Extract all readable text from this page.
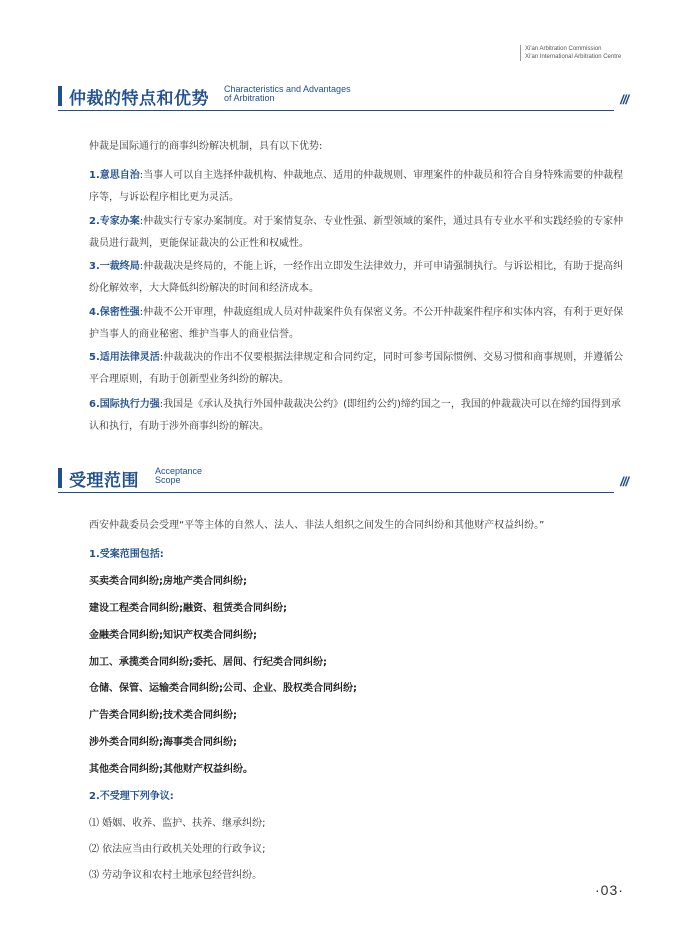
Xi'an Arbitration Commission
Xi'an International Arbitration Centre
仲裁的特点和优势 Characteristics and Advantages
of Arbitration	///
仲裁是国际通行的商事纠纷解决机制，具有以下优势:
1.意思自治:当事人可以自主选择仲裁机构、仲裁地点、适用的仲裁规则、审理案件的仲裁员和符合自身特殊需要的仲裁程序等，与诉讼程序相比更为灵活。
2.专家办案:仲裁实行专家办案制度。对于案情复杂、专业性强、新型领域的案件，通过具有专业水平和实践经验的专家仲裁员进行裁判，更能保证裁决的公正性和权威性。
3.一裁终局:仲裁裁决是终局的，不能上诉，一经作出立即发生法律效力，并可申请强制执行。与诉讼相比，有助于提高纠纷化解效率，大大降低纠纷解决的时间和经济成本。
4.保密性强:仲裁不公开审理，仲裁庭组成人员对仲裁案件负有保密义务。不公开仲裁案件程序和实体内容，有利于更好保护当事人的商业秘密、维护当事人的商业信誉。
5.适用法律灵活:仲裁裁决的作出不仅要根据法律规定和合同约定，同时可参考国际惯例、交易习惯和商事规则，并遵循公平合理原则，有助于创新型业务纠纷的解决。
6.国际执行力强:我国是《承认及执行外国仲裁裁决公约》(即纽约公约)缔约国之一，我国的仲裁裁决可以在缔约国得到承认和执行，有助于涉外商事纠纷的解决。
受理范围 Acceptance
Scope	///
西安仲裁委员会受理“平等主体的自然人、法人、非法人组织之间发生的合同纠纷和其他财产权益纠纷。”
1.受案范围包括:
买卖类合同纠纷;房地产类合同纠纷;
建设工程类合同纠纷;融资、租赁类合同纠纷;
金融类合同纠纷;知识产权类合同纠纷;
加工、承揽类合同纠纷;委托、居间、行纪类合同纠纷;
仓储、保管、运输类合同纠纷;公司、企业、股权类合同纠纷;
广告类合同纠纷;技术类合同纠纷;
涉外类合同纠纷;海事类合同纠纷;
其他类合同纠纷;其他财产权益纠纷。
2.不受理下列争议:
⑴ 婚姻、收养、监护、扶养、继承纠纷;
⑵ 依法应当由行政机关处理的行政争议;
⑶ 劳动争议和农村土地承包经营纠纷。
·03·
